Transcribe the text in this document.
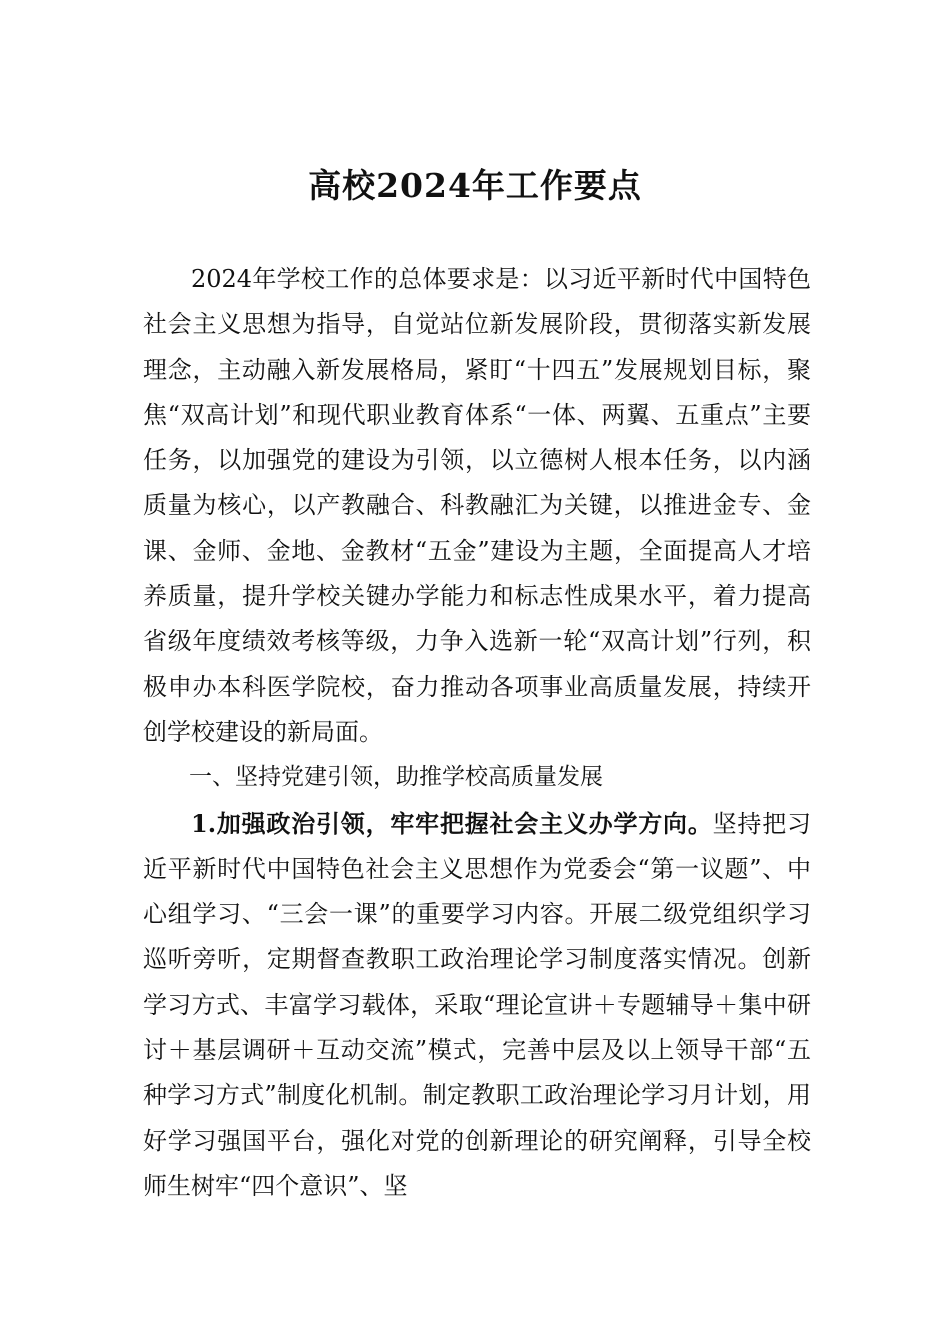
高校2024年工作要点

2024年学校工作的总体要求是：以习近平新时代中国特色社会主义思想为指导，自觉站位新发展阶段，贯彻落实新发展理念，主动融入新发展格局，紧盯“十四五”发展规划目标，聚焦“双高计划”和现代职业教育体系“一体、两翼、五重点”主要任务，以加强党的建设为引领，以立德树人根本任务，以内涵质量为核心，以产教融合、科教融汇为关键，以推进金专、金课、金师、金地、金教材“五金”建设为主题，全面提高人才培养质量，提升学校关键办学能力和标志性成果水平，着力提高省级年度绩效考核等级，力争入选新一轮“双高计划”行列，积极申办本科医学院校，奋力推动各项事业高质量发展，持续开创学校建设的新局面。

一、坚持党建引领，助推学校高质量发展

1.加强政治引领，牢牢把握社会主义办学方向。坚持把习近平新时代中国特色社会主义思想作为党委会“第一议题”、中心组学习、“三会一课”的重要学习内容。开展二级党组织学习巡听旁听，定期督查教职工政治理论学习制度落实情况。创新学习方式、丰富学习载体，采取“理论宣讲＋专题辅导＋集中研讨＋基层调研＋互动交流”模式，完善中层及以上领导干部“五种学习方式”制度化机制。制定教职工政治理论学习月计划，用好学习强国平台，强化对党的创新理论的研究阐释，引导全校师生树牢“四个意识”、坚
